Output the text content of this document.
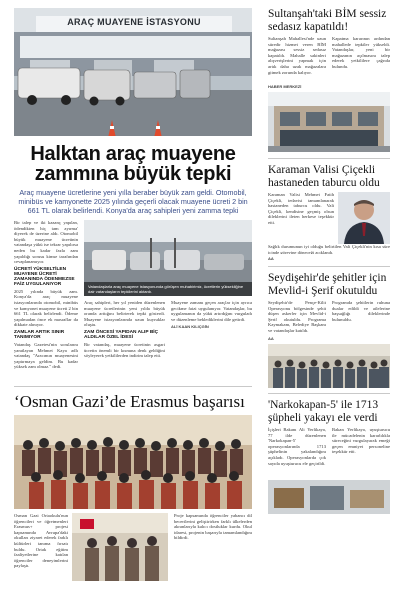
ARAÇ MUAYENE İSTASYONU
Halktan araç muayene
zammına büyük tepki
Araç muayene ücretlerine yeni yılla beraber büyük zam geldi. Otomobil, minibüs ve kamyonette 2025 yılında geçerli olacak muayene ücreti 2 bin 661 TL olarak belirlendi. Konya'da araç sahipleri yeni zamma tepki
Bir talep ve iki kazanç yapılan, ödendikten hiç tam ayırma' diyerek de üzerine aldı. Otomobil büyük muayene ücretinin vatandaşa yükü ise tekrar yapılırsa neden bu kadar fazla zam yapıldığı sorusu kimse tarafından cevaplanamıyor.
ÜCRETİ YÜKSELTİLEN MUAYENE ÜCRETİ ZAMANINDA ÖDENMEZSE FAİZ UYGULANIYOR
2025 yılında büyük zam. Konya'da araç muayene istasyonlarında otomobil, minibüs ve kamyonet muayene ücreti 2 bin 661 TL olarak belirlendi. Ödeme yapılmadan önce ek masraflar da dikkate alınıyor.
ZAMLAR ARTIK SINIR TANIMIYOR
Vatandaş Gazetesi'nin sorularını yanıtlayan Mehmet Kaya adlı vatandaş "Aracımın muayenesini yaptırmaya geldim. Bu kadar yüksek zam olmaz." dedi.
Vatandaşlarla araç muayene istasyonunda görüşen muhabirimiz, ücretlerin yüksekliğine dair vatandaşların tepkilerini aktardı.
Araç sahipleri, her yıl yeniden düzenlenen muayene ücretlerinin yeni yılda büyük oranda arttığını belirterek tepki gösterdi. Muayene istasyonlarında uzun kuyruklar oluştu.
ZAM ÖNCESİ YAPIDAN ALIP BİÇ ALDILAR ÖZEL İDESİ
Bir vatandaş, muayene ücretinin asgari ücretin önemli bir kısmına denk geldiğini söyleyerek yetkililerden indirim talep etti.
Muayene zamanı geçen araçlar için ayrıca gecikme faizi uygulanıyor. Vatandaşlar, bu uygulamanın da yükü artırdığını vurguladı ve düzenleme beklediklerini dile getirdi.
ALİ KAAN KILIÇGİN
‘Osman Gazi’de Erasmus başarısı
Osman Gazi Ortaokulu'nun öğrencileri ve öğretmenleri Erasmus+ projesi kapsamında Avrupa'daki okulları ziyaret ederek farklı kültürleri tanıma fırsatı buldu. Ortak eğitim faaliyetlerine katılan öğrenciler deneyimlerini paylaştı.
Proje kapsamında öğrenciler yabancı dil becerilerini geliştirirken farklı ülkelerden akranlarıyla kalıcı dostluklar kurdu. Okul idaresi, projenin başarıyla tamamlandığını bildirdi.
Sultanşah'taki BİM sessiz sedasız kapatıldı!
Sultanşah Mahallesi'nde uzun süredir hizmet veren BİM mağazası sessiz sedasız kapatıldı. Mahalle sakinleri alışverişlerini yapmak için artık daha uzak mağazalara gitmek zorunda kalıyor.
Kapatma kararının ardından mahallede tepkiler yükseldi. Vatandaşlar, yeni bir mağazanın açılmasını talep ederek yetkililere çağrıda bulundu.
HABER MERKEZİ
Karaman Valisi Çiçekli hastaneden taburcu oldu
Karaman Valisi Mehmet Fatih Çiçekli, tedavisi tamamlanarak hastaneden taburcu oldu. Vali Çiçekli, kendisine geçmiş olsun dileklerini ileten herkese teşekkür etti.
Sağlık durumunun iyi olduğu belirtilen Vali Çiçekli'nin kısa süre içinde görevine döneceği açıklandı.
AA
Seydişehir'de şehitler için Mevlid-i Şerif okutuldu
Seydişehir'de Pençe-Kilit Operasyonu bölgesinde şehit düşen askerler için Mevlid-i Şerif okutuldu. Programa Kaymakam, Belediye Başkanı ve vatandaşlar katıldı.
Programda şehitlerin ruhuna dualar edildi ve ailelerine başsağlığı dileklerinde bulunuldu.
AA
'Narkokapan-5' ile 1713 şüpheli yakayı ele verdi
İçişleri Bakanı Ali Yerlikaya, 77 ilde düzenlenen 'Narkokapan-5' operasyonlarında 1713 şüphelinin yakalandığını açıkladı. Operasyonlarda çok sayıda uyuşturucu ele geçirildi.
Bakan Yerlikaya, uyuşturucu ile mücadelenin kararlılıkla süreceğini vurgulayarak emeği geçen emniyet personeline teşekkür etti.
